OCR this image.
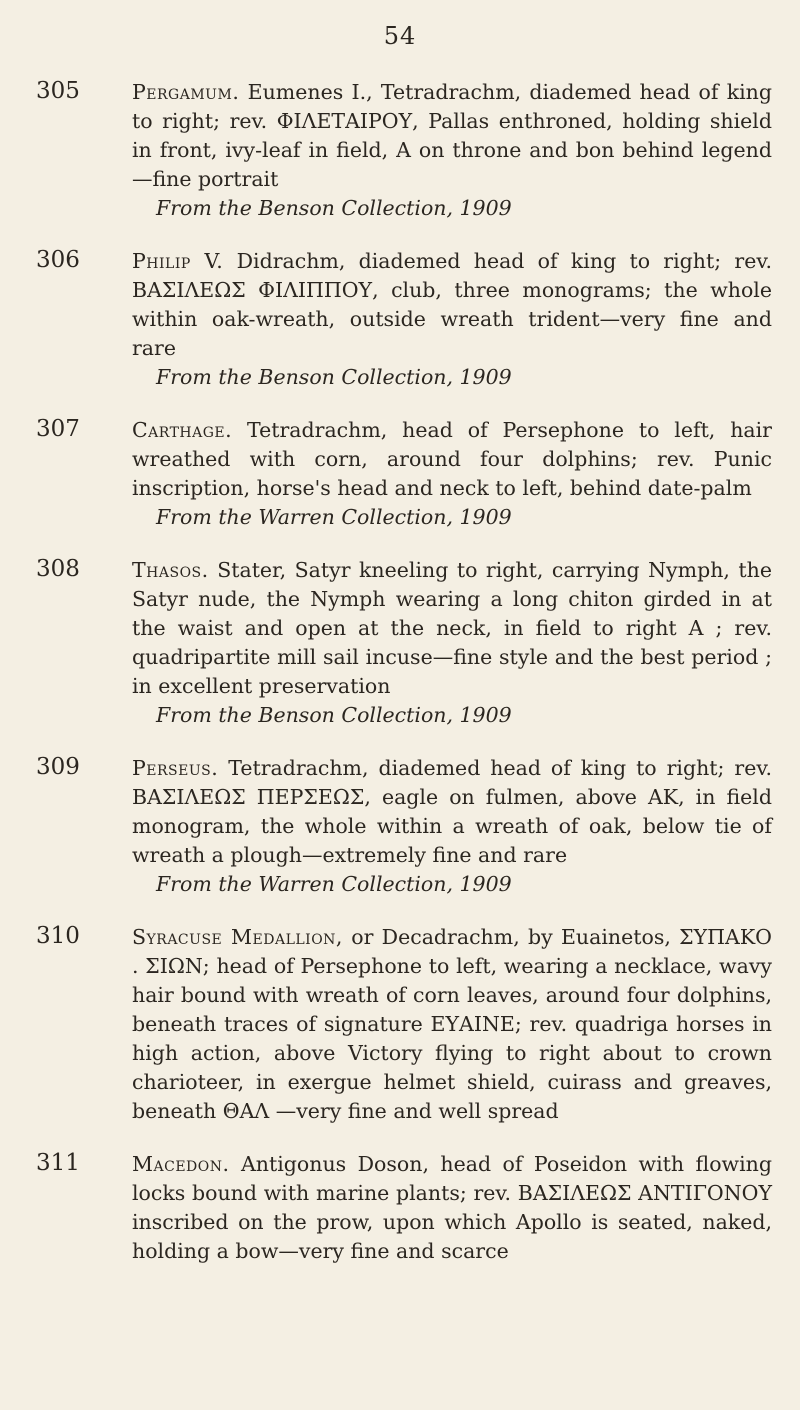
54
305	Pergamum. Eumenes I., Tetradrachm, diademed head of king to right; rev. ΦΙΛΕΤΑΙΡΟΥ, Pallas enthroned, holding shield in front, ivy-leaf in field, A on throne and bon behind legend—fine portrait
From the Benson Collection, 1909
306	Philip V. Didrachm, diademed head of king to right; rev. ΒΑΣΙΛΕΩΣ ΦΙΛΙΠΠΟΥ, club, three monograms; the whole within oak-wreath, outside wreath trident—very fine and rare
From the Benson Collection, 1909
307	Carthage. Tetradrachm, head of Persephone to left, hair wreathed with corn, around four dolphins; rev. Punic inscription, horse's head and neck to left, behind date-palm
From the Warren Collection, 1909
308	Thasos. Stater, Satyr kneeling to right, carrying Nymph, the Satyr nude, the Nymph wearing a long chiton girded in at the waist and open at the neck, in field to right A ; rev. quadripartite mill sail incuse—fine style and the best period ; in excellent preservation
From the Benson Collection, 1909
309	Perseus. Tetradrachm, diademed head of king to right; rev. ΒΑΣΙΛΕΩΣ ΠΕΡΣΕΩΣ, eagle on fulmen, above AK, in field monogram, the whole within a wreath of oak, below tie of wreath a plough—extremely fine and rare
From the Warren Collection, 1909
310	Syracuse Medallion, or Decadrachm, by Euainetos, ΣΥΠΑΚΟ . ΣΙΩΝ; head of Persephone to left, wearing a necklace, wavy hair bound with wreath of corn leaves, around four dolphins, beneath traces of signature ΕΥΑΙΝΕ; rev. quadriga horses in high action, above Victory flying to right about to crown charioteer, in exergue helmet shield, cuirass and greaves, beneath ΘΑΛ —very fine and well spread
311	Macedon. Antigonus Doson, head of Poseidon with flowing locks bound with marine plants; rev. ΒΑΣΙΛΕΩΣ ΑΝΤΙΓΟΝΟΥ inscribed on the prow, upon which Apollo is seated, naked, holding a bow—very fine and scarce
